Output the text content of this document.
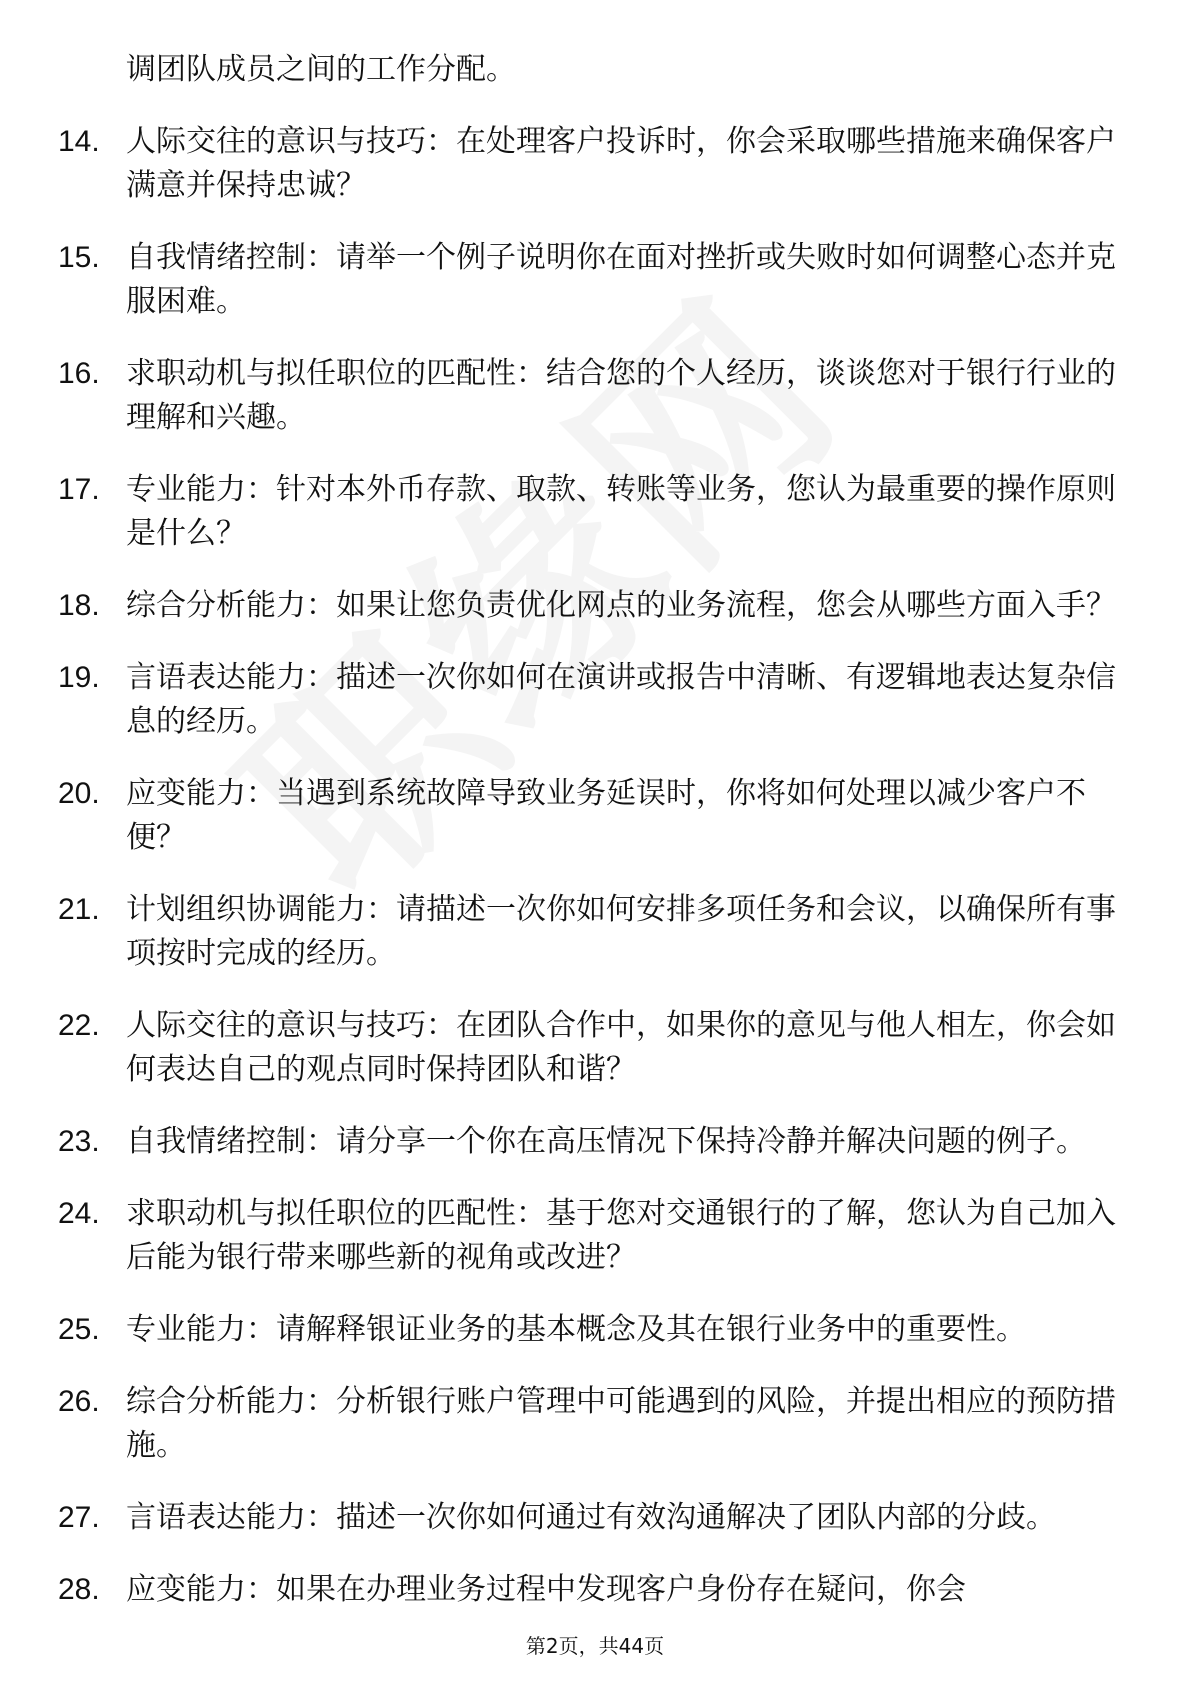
调团队成员之间的工作分配。
14. 人际交往的意识与技巧：在处理客户投诉时，你会采取哪些措施来确保客户满意并保持忠诚？
15. 自我情绪控制：请举一个例子说明你在面对挫折或失败时如何调整心态并克服困难。
16. 求职动机与拟任职位的匹配性：结合您的个人经历，谈谈您对于银行行业的理解和兴趣。
17. 专业能力：针对本外币存款、取款、转账等业务，您认为最重要的操作原则是什么？
18. 综合分析能力：如果让您负责优化网点的业务流程，您会从哪些方面入手？
19. 言语表达能力：描述一次你如何在演讲或报告中清晰、有逻辑地表达复杂信息的经历。
20. 应变能力：当遇到系统故障导致业务延误时，你将如何处理以减少客户不便？
21. 计划组织协调能力：请描述一次你如何安排多项任务和会议，以确保所有事项按时完成的经历。
22. 人际交往的意识与技巧：在团队合作中，如果你的意见与他人相左，你会如何表达自己的观点同时保持团队和谐？
23. 自我情绪控制：请分享一个你在高压情况下保持冷静并解决问题的例子。
24. 求职动机与拟任职位的匹配性：基于您对交通银行的了解，您认为自己加入后能为银行带来哪些新的视角或改进？
25. 专业能力：请解释银证业务的基本概念及其在银行业务中的重要性。
26. 综合分析能力：分析银行账户管理中可能遇到的风险，并提出相应的预防措施。
27. 言语表达能力：描述一次你如何通过有效沟通解决了团队内部的分歧。
28. 应变能力：如果在办理业务过程中发现客户身份存在疑问，你会
第2页，共44页
